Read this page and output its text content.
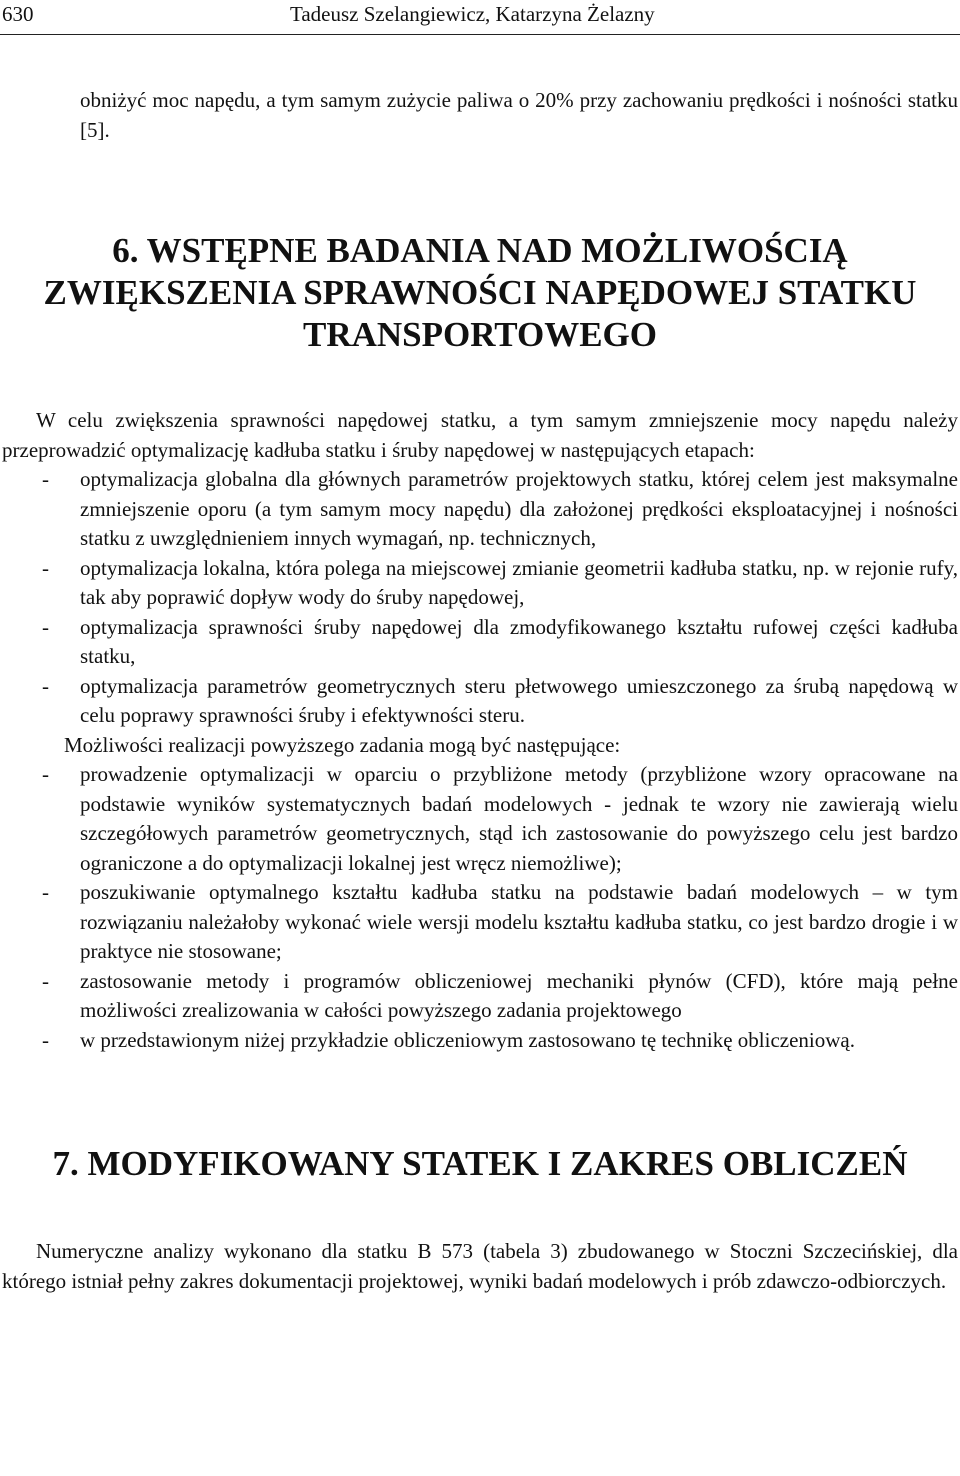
630	Tadeusz Szelangiewicz, Katarzyna Żelazny

obniżyć moc napędu, a tym samym zużycie paliwa o 20% przy zachowaniu prędkości i nośności statku [5].

6. WSTĘPNE BADANIA NAD MOŻLIWOŚCIĄ ZWIĘKSZENIA SPRAWNOŚCI NAPĘDOWEJ STATKU TRANSPORTOWEGO

W celu zwiększenia sprawności napędowej statku, a tym samym zmniejszenie mocy napędu należy przeprowadzić optymalizację kadłuba statku i śruby napędowej w następujących etapach:

- optymalizacja globalna dla głównych parametrów projektowych statku, której celem jest maksymalne zmniejszenie oporu (a tym samym mocy napędu) dla założonej prędkości eksploatacyjnej i nośności statku z uwzględnieniem innych wymagań, np. technicznych,
- optymalizacja lokalna, która polega na miejscowej zmianie geometrii kadłuba statku, np. w rejonie rufy, tak aby poprawić dopływ wody do śruby napędowej,
- optymalizacja sprawności śruby napędowej dla zmodyfikowanego kształtu rufowej części kadłuba statku,
- optymalizacja parametrów geometrycznych steru płetwowego umieszczonego za śrubą napędową w celu poprawy sprawności śruby i efektywności steru.

Możliwości realizacji powyższego zadania mogą być następujące:

- prowadzenie optymalizacji w oparciu o przybliżone metody (przybliżone wzory opracowane na podstawie wyników systematycznych badań modelowych - jednak te wzory nie zawierają wielu szczegółowych parametrów geometrycznych, stąd ich zastosowanie do powyższego celu jest bardzo ograniczone a do optymalizacji lokalnej jest wręcz niemożliwe);
- poszukiwanie optymalnego kształtu kadłuba statku na podstawie badań modelowych – w tym rozwiązaniu należałoby wykonać wiele wersji modelu kształtu kadłuba statku, co jest bardzo drogie i w praktyce nie stosowane;
- zastosowanie metody i programów obliczeniowej mechaniki płynów (CFD), które mają pełne możliwości zrealizowania w całości powyższego zadania projektowego
- w przedstawionym niżej przykładzie obliczeniowym zastosowano tę technikę obliczeniową.
7. MODYFIKOWANY STATEK I ZAKRES OBLICZEŃ

Numeryczne analizy wykonano dla statku B 573 (tabela 3) zbudowanego w Stoczni Szczecińskiej, dla którego istniał pełny zakres dokumentacji projektowej, wyniki badań modelowych i prób zdawczo-odbiorczych.
